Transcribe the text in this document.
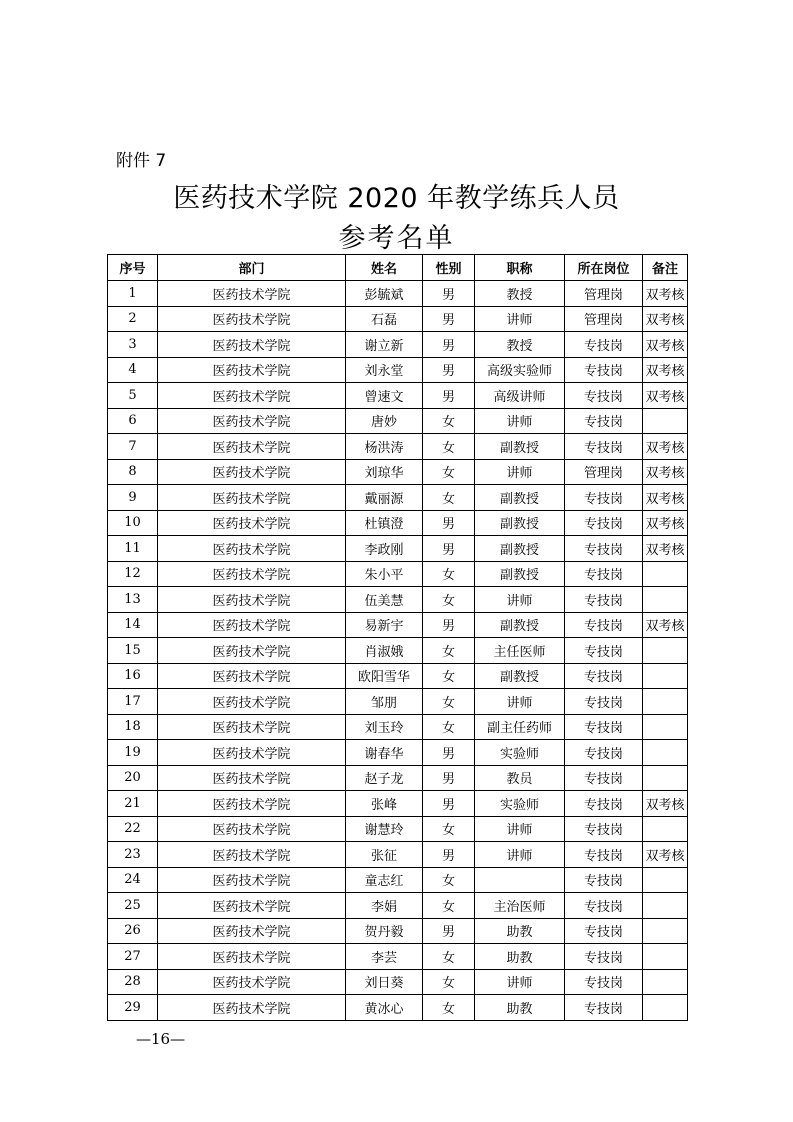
附件 7
医药技术学院 2020 年教学练兵人员
参考名单
序号	部门	姓名	性别	职称	所在岗位	备注
1	医药技术学院	彭毓斌	男	教授	管理岗	双考核
2	医药技术学院	石磊	男	讲师	管理岗	双考核
3	医药技术学院	谢立新	男	教授	专技岗	双考核
4	医药技术学院	刘永堂	男	高级实验师	专技岗	双考核
5	医药技术学院	曾速文	男	高级讲师	专技岗	双考核
6	医药技术学院	唐妙	女	讲师	专技岗	
7	医药技术学院	杨洪涛	女	副教授	专技岗	双考核
8	医药技术学院	刘琼华	女	讲师	管理岗	双考核
9	医药技术学院	戴丽源	女	副教授	专技岗	双考核
10	医药技术学院	杜镇澄	男	副教授	专技岗	双考核
11	医药技术学院	李政刚	男	副教授	专技岗	双考核
12	医药技术学院	朱小平	女	副教授	专技岗	
13	医药技术学院	伍美慧	女	讲师	专技岗	
14	医药技术学院	易新宇	男	副教授	专技岗	双考核
15	医药技术学院	肖淑娥	女	主任医师	专技岗	
16	医药技术学院	欧阳雪华	女	副教授	专技岗	
17	医药技术学院	邹朋	女	讲师	专技岗	
18	医药技术学院	刘玉玲	女	副主任药师	专技岗	
19	医药技术学院	谢春华	男	实验师	专技岗	
20	医药技术学院	赵子龙	男	教员	专技岗	
21	医药技术学院	张峰	男	实验师	专技岗	双考核
22	医药技术学院	谢慧玲	女	讲师	专技岗	
23	医药技术学院	张征	男	讲师	专技岗	双考核
24	医药技术学院	童志红	女		专技岗	
25	医药技术学院	李娟	女	主治医师	专技岗	
26	医药技术学院	贺丹毅	男	助教	专技岗	
27	医药技术学院	李芸	女	助教	专技岗	
28	医药技术学院	刘日葵	女	讲师	专技岗	
29	医药技术学院	黄冰心	女	助教	专技岗	
—16—
